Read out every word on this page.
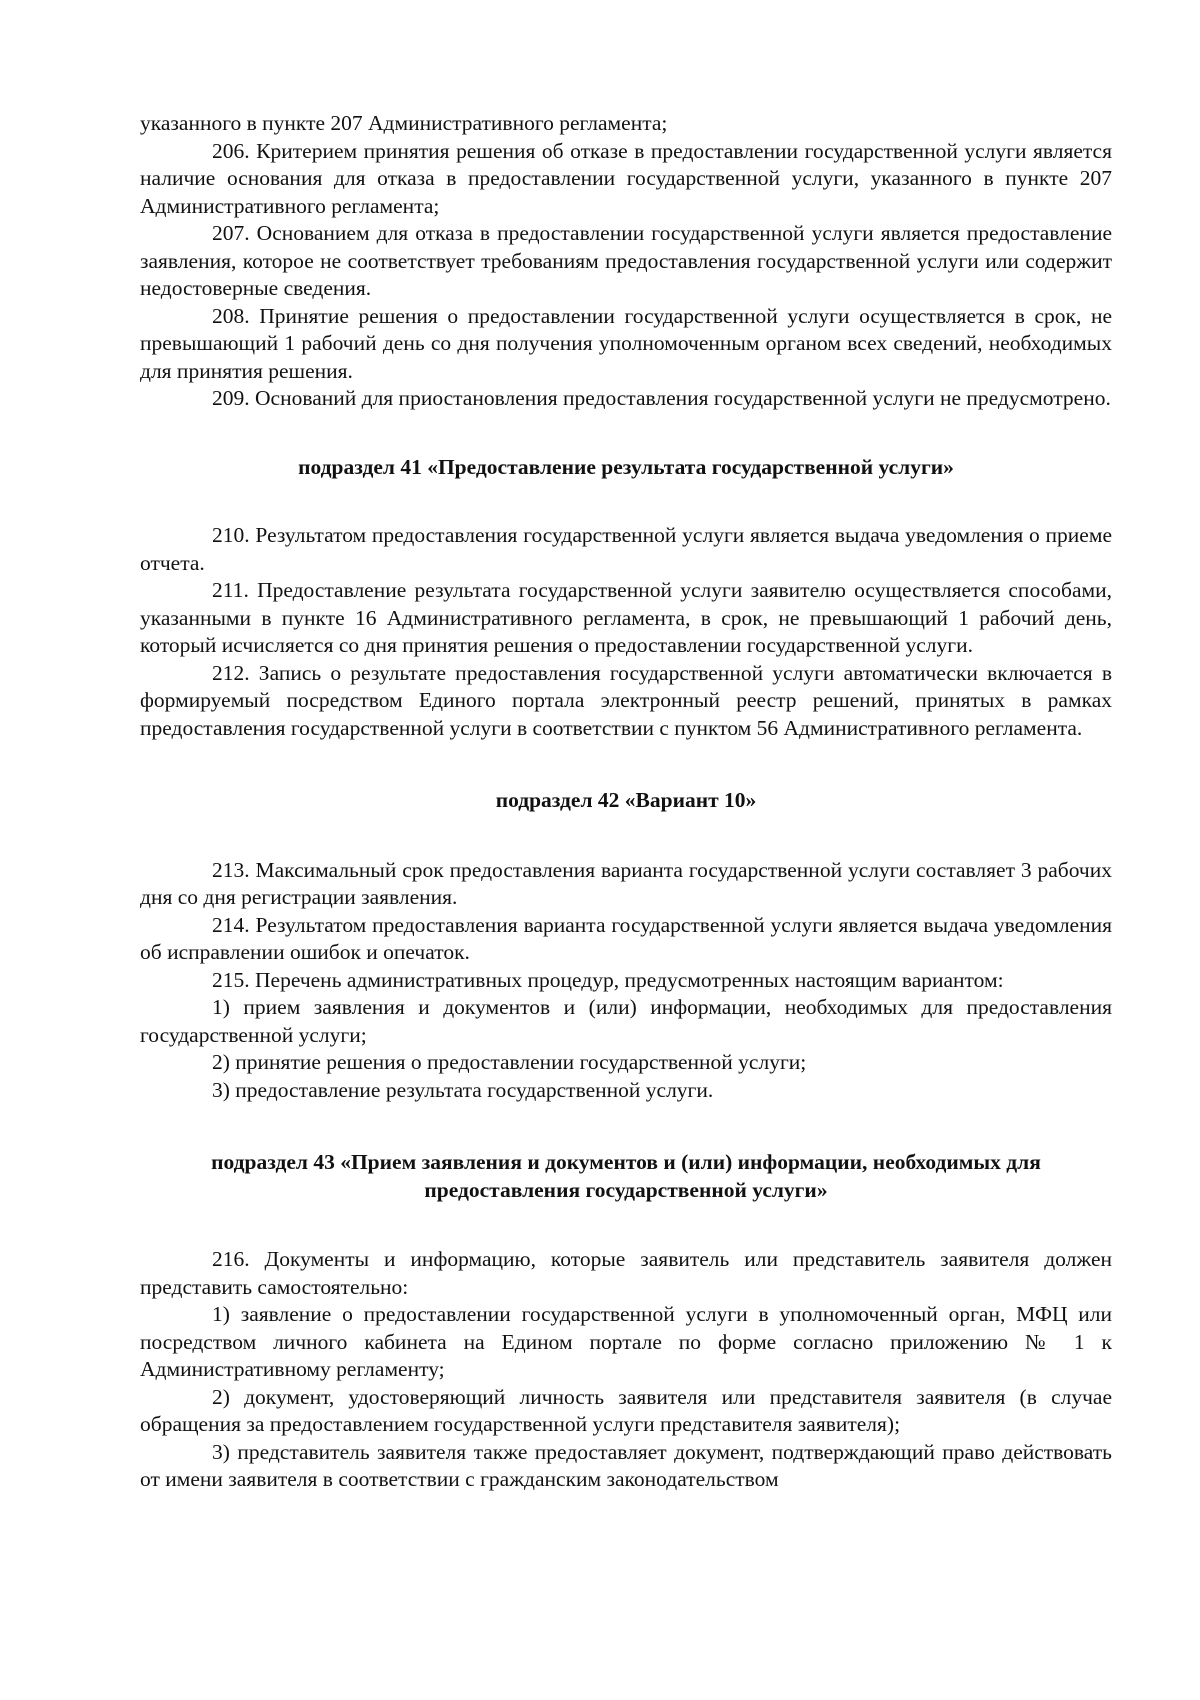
указанного в пункте 207 Административного регламента;

206. Критерием принятия решения об отказе в предоставлении государственной услуги является наличие основания для отказа в предоставлении государственной услуги, указанного в пункте 207 Административного регламента;

207. Основанием для отказа в предоставлении государственной услуги является предоставление заявления, которое не соответствует требованиям предоставления государственной услуги или содержит недостоверные сведения.

208. Принятие решения о предоставлении государственной услуги осуществляется в срок, не превышающий 1 рабочий день со дня получения уполномоченным органом всех сведений, необходимых для принятия решения.

209. Оснований для приостановления предоставления государственной услуги не предусмотрено.

подраздел 41 «Предоставление результата государственной услуги»

210. Результатом предоставления государственной услуги является выдача уведомления о приеме отчета.

211. Предоставление результата государственной услуги заявителю осуществляется способами, указанными в пункте 16 Административного регламента, в срок, не превышающий 1 рабочий день, который исчисляется со дня принятия решения о предоставлении государственной услуги.

212. Запись о результате предоставления государственной услуги автоматически включается в формируемый посредством Единого портала электронный реестр решений, принятых в рамках предоставления государственной услуги в соответствии с пунктом 56 Административного регламента.

подраздел 42 «Вариант 10»

213. Максимальный срок предоставления варианта государственной услуги составляет 3 рабочих дня со дня регистрации заявления.

214. Результатом предоставления варианта государственной услуги является выдача уведомления об исправлении ошибок и опечаток.

215. Перечень административных процедур, предусмотренных настоящим вариантом:

1) прием заявления и документов и (или) информации, необходимых для предоставления государственной услуги;

2) принятие решения о предоставлении государственной услуги;

3) предоставление результата государственной услуги.

подраздел 43 «Прием заявления и документов и (или) информации, необходимых для
предоставления государственной услуги»

216. Документы и информацию, которые заявитель или представитель заявителя должен представить самостоятельно:

1) заявление о предоставлении государственной услуги в уполномоченный орган, МФЦ или посредством личного кабинета на Едином портале по форме согласно приложению № 1 к Административному регламенту;

2) документ, удостоверяющий личность заявителя или представителя заявителя (в случае обращения за предоставлением государственной услуги представителя заявителя);

3) представитель заявителя также предоставляет документ, подтверждающий право действовать от имени заявителя в соответствии с гражданским законодательством
